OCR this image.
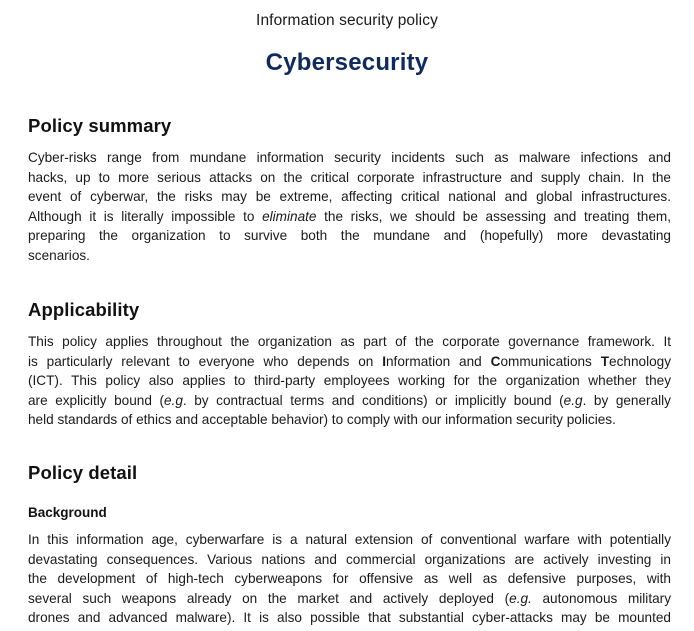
Information security policy
Cybersecurity
Policy summary
Cyber-risks range from mundane information security incidents such as malware infections and
hacks, up to more serious attacks on the critical corporate infrastructure and supply chain. In the
event of cyberwar, the risks may be extreme, affecting critical national and global infrastructures.
Although it is literally impossible to eliminate the risks, we should be assessing and treating them,
preparing the organization to survive both the mundane and (hopefully) more devastating
scenarios.
Applicability
This policy applies throughout the organization as part of the corporate governance framework. It
is particularly relevant to everyone who depends on Information and Communications Technology
(ICT). This policy also applies to third-party employees working for the organization whether they
are explicitly bound (e.g. by contractual terms and conditions) or implicitly bound (e.g. by generally
held standards of ethics and acceptable behavior) to comply with our information security policies.
Policy detail
Background
In this information age, cyberwarfare is a natural extension of conventional warfare with potentially
devastating consequences. Various nations and commercial organizations are actively investing in
the development of high-tech cyberweapons for offensive as well as defensive purposes, with
several such weapons already on the market and actively deployed (e.g. autonomous military
drones and advanced malware). It is also possible that substantial cyber-attacks may be mounted
